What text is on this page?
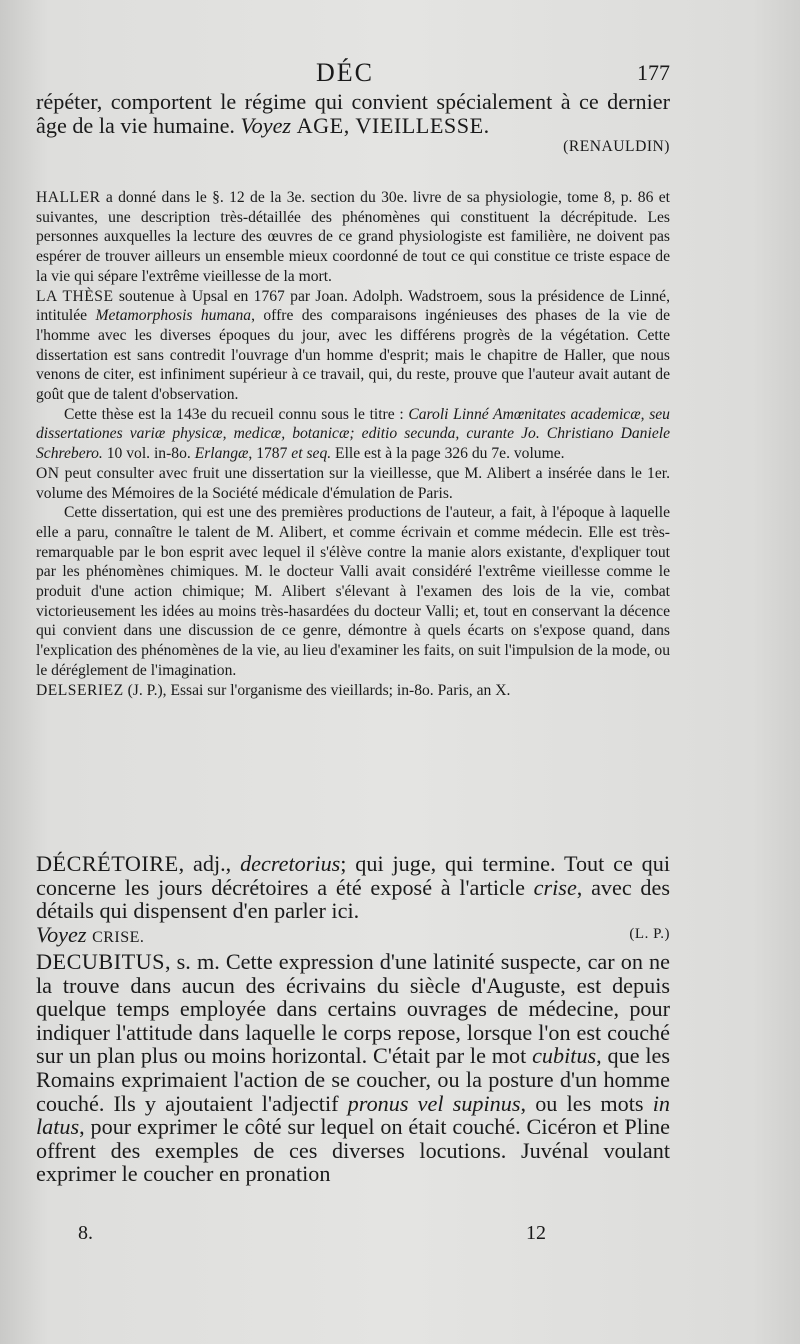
DÉC	177

répéter, comportent le régime qui convient spécialement à ce dernier âge de la vie humaine. Voyez AGE, VIEILLESSE.

(RENAULDIN)

HALLER a donné dans le §. 12 de la 3e. section du 30e. livre de sa physiologie, tome 8, p. 86 et suivantes, une description très-détaillée des phénomènes qui constituent la décrépitude. Les personnes auxquelles la lecture des œuvres de ce grand physiologiste est familière, ne doivent pas espérer de trouver ailleurs un ensemble mieux coordonné de tout ce qui constitue ce triste espace de la vie qui sépare l'extrême vieillesse de la mort.

LA THÈSE soutenue à Upsal en 1767 par Joan. Adolph. Wadstroem, sous la présidence de Linné, intitulée Metamorphosis humana, offre des comparaisons ingénieuses des phases de la vie de l'homme avec les diverses époques du jour, avec les différens progrès de la végétation. Cette dissertation est sans contredit l'ouvrage d'un homme d'esprit; mais le chapitre de Haller, que nous venons de citer, est infiniment supérieur à ce travail, qui, du reste, prouve que l'auteur avait autant de goût que de talent d'observation.

Cette thèse est la 143e du recueil connu sous le titre : Caroli Linné Amœnitates academicæ, seu dissertationes variæ physicæ, medicæ, botanicæ; editio secunda, curante Jo. Christiano Daniele Schrebero. 10 vol. in-8o. Erlangæ, 1787 et seq. Elle est à la page 326 du 7e. volume.

ON peut consulter avec fruit une dissertation sur la vieillesse, que M. Alibert a insérée dans le 1er. volume des Mémoires de la Société médicale d'émulation de Paris.

Cette dissertation, qui est une des premières productions de l'auteur, a fait, à l'époque à laquelle elle a paru, connaître le talent de M. Alibert, et comme écrivain et comme médecin. Elle est très-remarquable par le bon esprit avec lequel il s'élève contre la manie alors existante, d'expliquer tout par les phénomènes chimiques. M. le docteur Valli avait considéré l'extrême vieillesse comme le produit d'une action chimique; M. Alibert s'élevant à l'examen des lois de la vie, combat victorieusement les idées au moins très-hasardées du docteur Valli; et, tout en conservant la décence qui convient dans une discussion de ce genre, démontre à quels écarts on s'expose quand, dans l'explication des phénomènes de la vie, au lieu d'examiner les faits, on suit l'impulsion de la mode, ou le déréglement de l'imagination.

DELSERIEZ (J. P.), Essai sur l'organisme des vieillards; in-8o. Paris, an X.

DÉCRÉTOIRE, adj., decretorius; qui juge, qui termine. Tout ce qui concerne les jours décrétoires a été exposé à l'article crise, avec des détails qui dispensent d'en parler ici.

Voyez CRISE.	(L. P.)

DECUBITUS, s. m. Cette expression d'une latinité suspecte, car on ne la trouve dans aucun des écrivains du siècle d'Auguste, est depuis quelque temps employée dans certains ouvrages de médecine, pour indiquer l'attitude dans laquelle le corps repose, lorsque l'on est couché sur un plan plus ou moins horizontal. C'était par le mot cubitus, que les Romains exprimaient l'action de se coucher, ou la posture d'un homme couché. Ils y ajoutaient l'adjectif pronus vel supinus, ou les mots in latus, pour exprimer le côté sur lequel on était couché. Cicéron et Pline offrent des exemples de ces diverses locutions. Juvénal voulant exprimer le coucher en pronation

8.	12
